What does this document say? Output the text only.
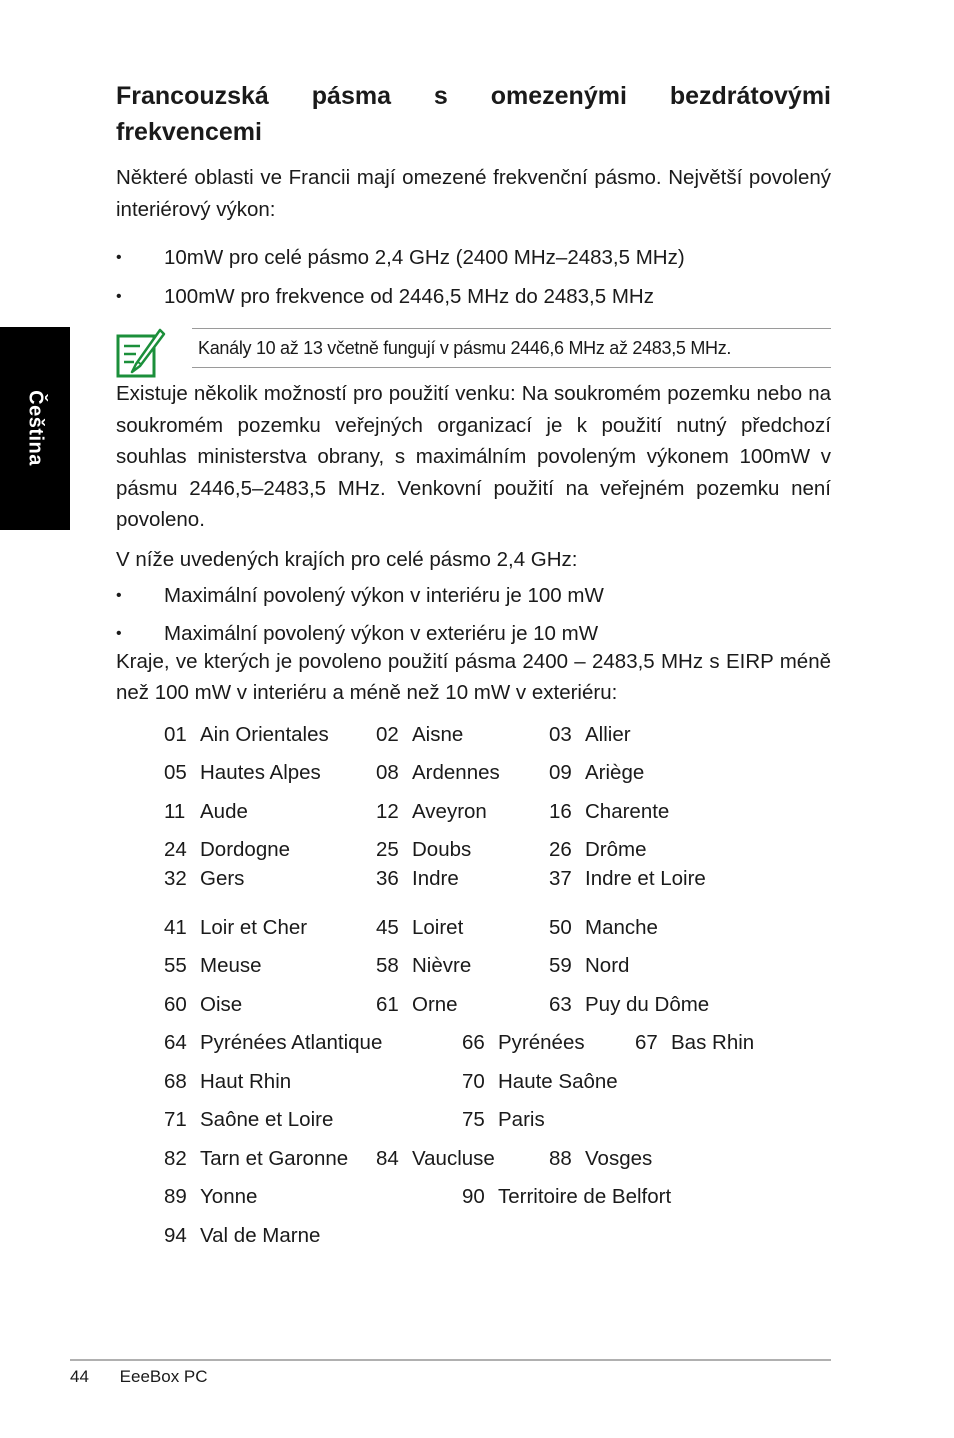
Čeština
Francouzská pásma s omezenými bezdrátovými frekvencemi

Některé oblasti ve Francii mají omezené frekvenční pásmo. Největší povolený interiérový výkon:

• 10mW pro celé pásmo 2,4 GHz (2400 MHz–2483,5 MHz)
• 100mW pro frekvence od 2446,5 MHz do 2483,5 MHz
Kanály 10 až 13 včetně fungují v pásmu 2446,6 MHz až 2483,5 MHz.

Existuje několik možností pro použití venku: Na soukromém pozemku nebo na soukromém pozemku veřejných organizací je k použití nutný předchozí souhlas ministerstva obrany, s maximálním povoleným výkonem 100mW v pásmu 2446,5–2483,5 MHz. Venkovní použití na veřejném pozemku není povoleno.

V níže uvedených krajích pro celé pásmo 2,4 GHz:

• Maximální povolený výkon v interiéru je 100 mW
• Maximální povolený výkon v exteriéru je 10 mW

Kraje, ve kterých je povoleno použití pásma 2400 – 2483,5 MHz s EIRP méně než 100 mW v interiéru a méně než 10 mW v exteriéru:

01 Ain Orientales 02 Aisne	03 Allier
05 Hautes Alpes	08 Ardennes 09 Ariège
11 Aude	12 Aveyron	16 Charente
24 Dordogne	25 Doubs	26 Drôme
32 Gers	36 Indre	37 Indre et Loire
41 Loir et Cher	45 Loiret	50 Manche
55 Meuse	58 Nièvre	59 Nord
60 Oise	61 Orne	63 Puy du Dôme
64 Pyrénées Atlantique	66 Pyrénées 67 Bas Rhin
68 Haut Rhin	70 Haute Saône
71 Saône et Loire	75 Paris
82 Tarn et Garonne 84 Vaucluse	88 Vosges
89 Yonne	90 Territoire de Belfort
94 Val de Marne
44 EeeBox PC
